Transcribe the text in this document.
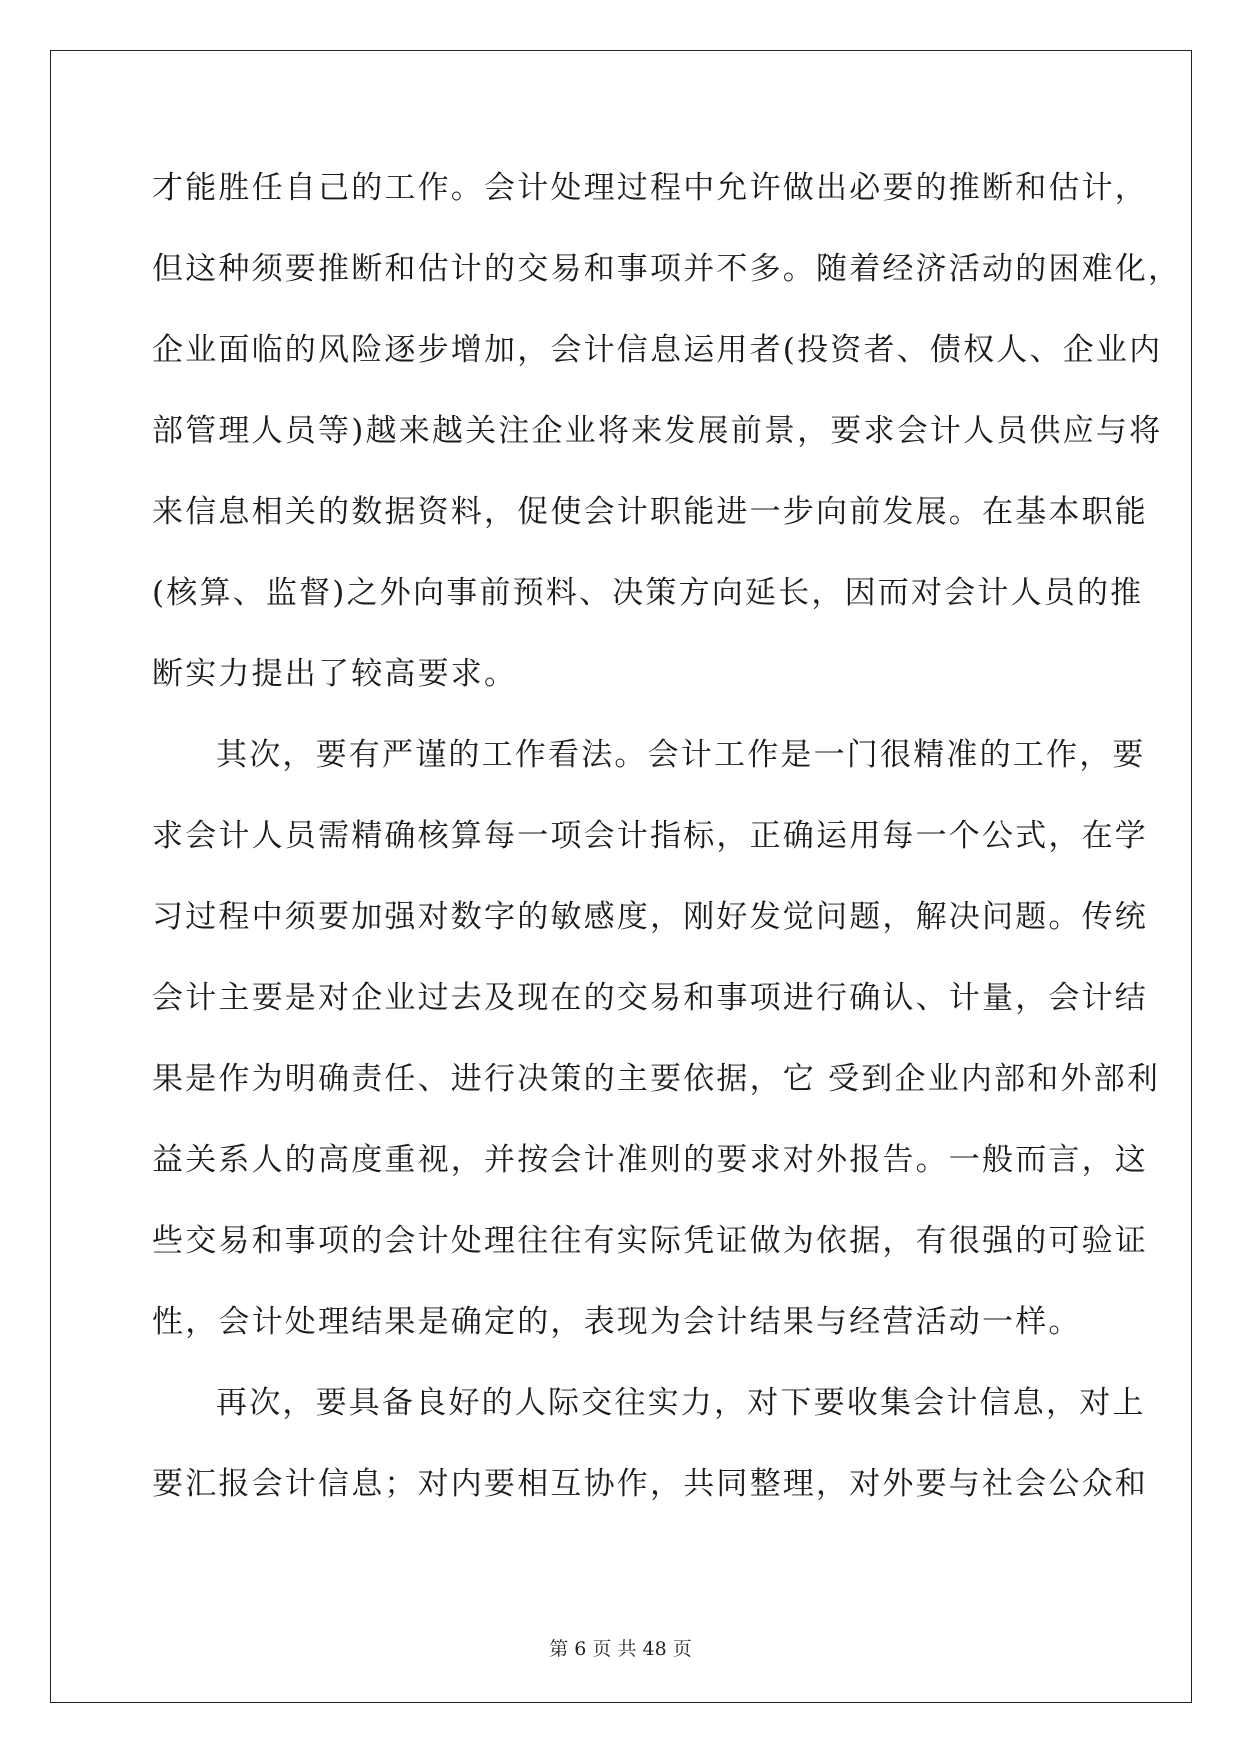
才能胜任自己的工作。会计处理过程中允许做出必要的推断和估计，
但这种须要推断和估计的交易和事项并不多。随着经济活动的困难化，
企业面临的风险逐步增加，会计信息运用者(投资者、债权人、企业内
部管理人员等)越来越关注企业将来发展前景，要求会计人员供应与将
来信息相关的数据资料，促使会计职能进一步向前发展。在基本职能
(核算、监督)之外向事前预料、决策方向延长，因而对会计人员的推
断实力提出了较高要求。
其次，要有严谨的工作看法。会计工作是一门很精准的工作，要
求会计人员需精确核算每一项会计指标，正确运用每一个公式，在学
习过程中须要加强对数字的敏感度，刚好发觉问题，解决问题。传统
会计主要是对企业过去及现在的交易和事项进行确认、计量，会计结
果是作为明确责任、进行决策的主要依据，它 受到企业内部和外部利
益关系人的高度重视，并按会计准则的要求对外报告。一般而言，这
些交易和事项的会计处理往往有实际凭证做为依据，有很强的可验证
性，会计处理结果是确定的，表现为会计结果与经营活动一样。
再次，要具备良好的人际交往实力，对下要收集会计信息，对上
要汇报会计信息；对内要相互协作，共同整理，对外要与社会公众和
第 6 页 共 48 页
